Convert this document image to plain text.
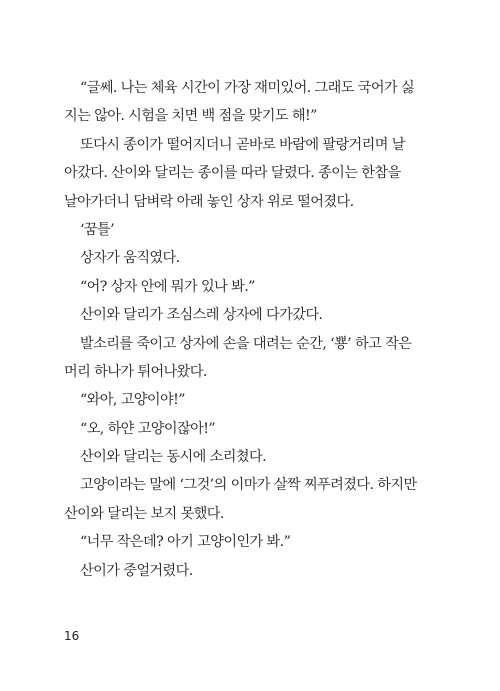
“글쎄. 나는 체육 시간이 가장 재미있어. 그래도 국어가 싫
지는 않아. 시험을 치면 백 점을 맞기도 해!”
또다시 종이가 떨어지더니 곧바로 바람에 팔랑거리며 날
아갔다. 산이와 달리는 종이를 따라 달렸다. 종이는 한참을
날아가더니 담벼락 아래 놓인 상자 위로 떨어졌다.
‘꿈틀’
상자가 움직였다.
“어? 상자 안에 뭐가 있나 봐.”
산이와 달리가 조심스레 상자에 다가갔다.
발소리를 죽이고 상자에 손을 대려는 순간, ‘뿅’ 하고 작은
머리 하나가 튀어나왔다.
“와아, 고양이야!”
“오, 하얀 고양이잖아!”
산이와 달리는 동시에 소리쳤다.
고양이라는 말에 ‘그것’의 이마가 살짝 찌푸려졌다. 하지만
산이와 달리는 보지 못했다.
“너무 작은데? 아기 고양이인가 봐.”
산이가 중얼거렸다.
16
